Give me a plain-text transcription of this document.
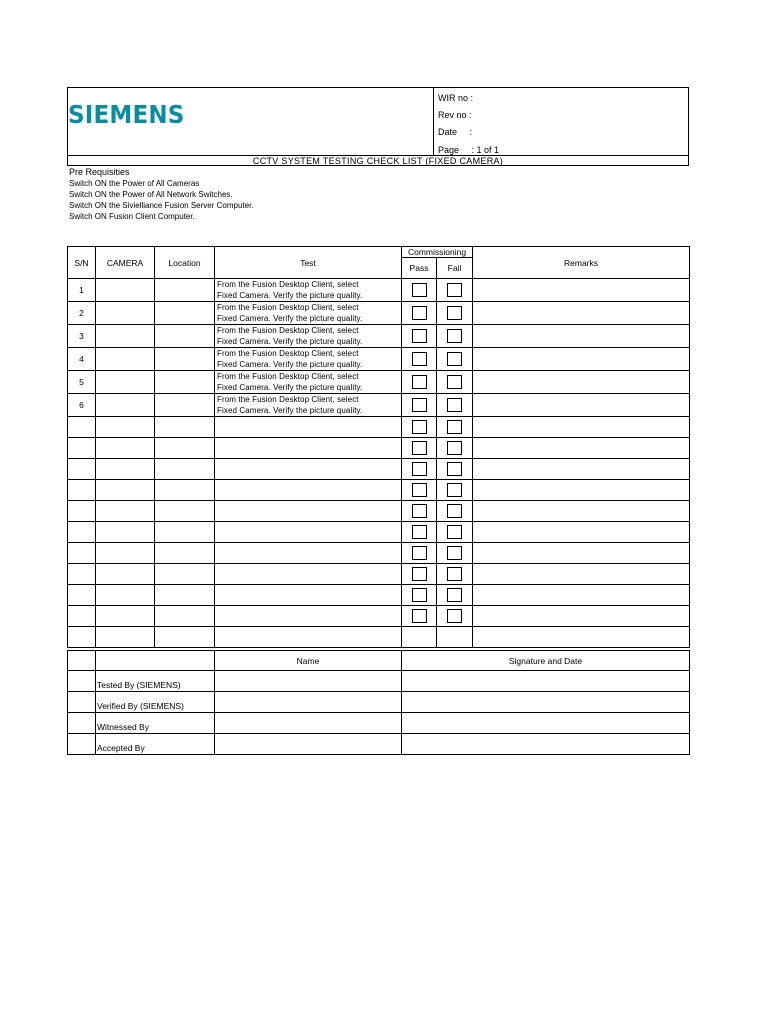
SIEMENS
WIR no :
Rev no :
Date     :
Page     : 1 of 1
CCTV SYSTEM TESTING CHECK LIST (FIXED CAMERA)
Pre Requisities
Switch ON the Power of All Cameras
Switch ON the Power of All Network Switches.
Switch ON the Sivielliance Fusion Server Computer.
Switch ON Fusion Client Computer.
S/N	CAMERA	Location	Test	Commissioning		Remarks
				Pass	Fail	
1			From the Fusion Desktop Client, select
Fixed Camera. Verify the picture quality.			

2			From the Fusion Desktop Client, select
Fixed Camera. Verify the picture quality.			

3			From the Fusion Desktop Client, select
Fixed Camera. Verify the picture quality.			

4			From the Fusion Desktop Client, select
Fixed Camera. Verify the picture quality.			

5			From the Fusion Desktop Client, select
Fixed Camera. Verify the picture quality.			

6			From the Fusion Desktop Client, select
Fixed Camera. Verify the picture quality.			

		Name	Signature and Date
	Tested By (SIEMENS)		
	Verified By (SIEMENS)		
	Witnessed By		
	Accepted By		
